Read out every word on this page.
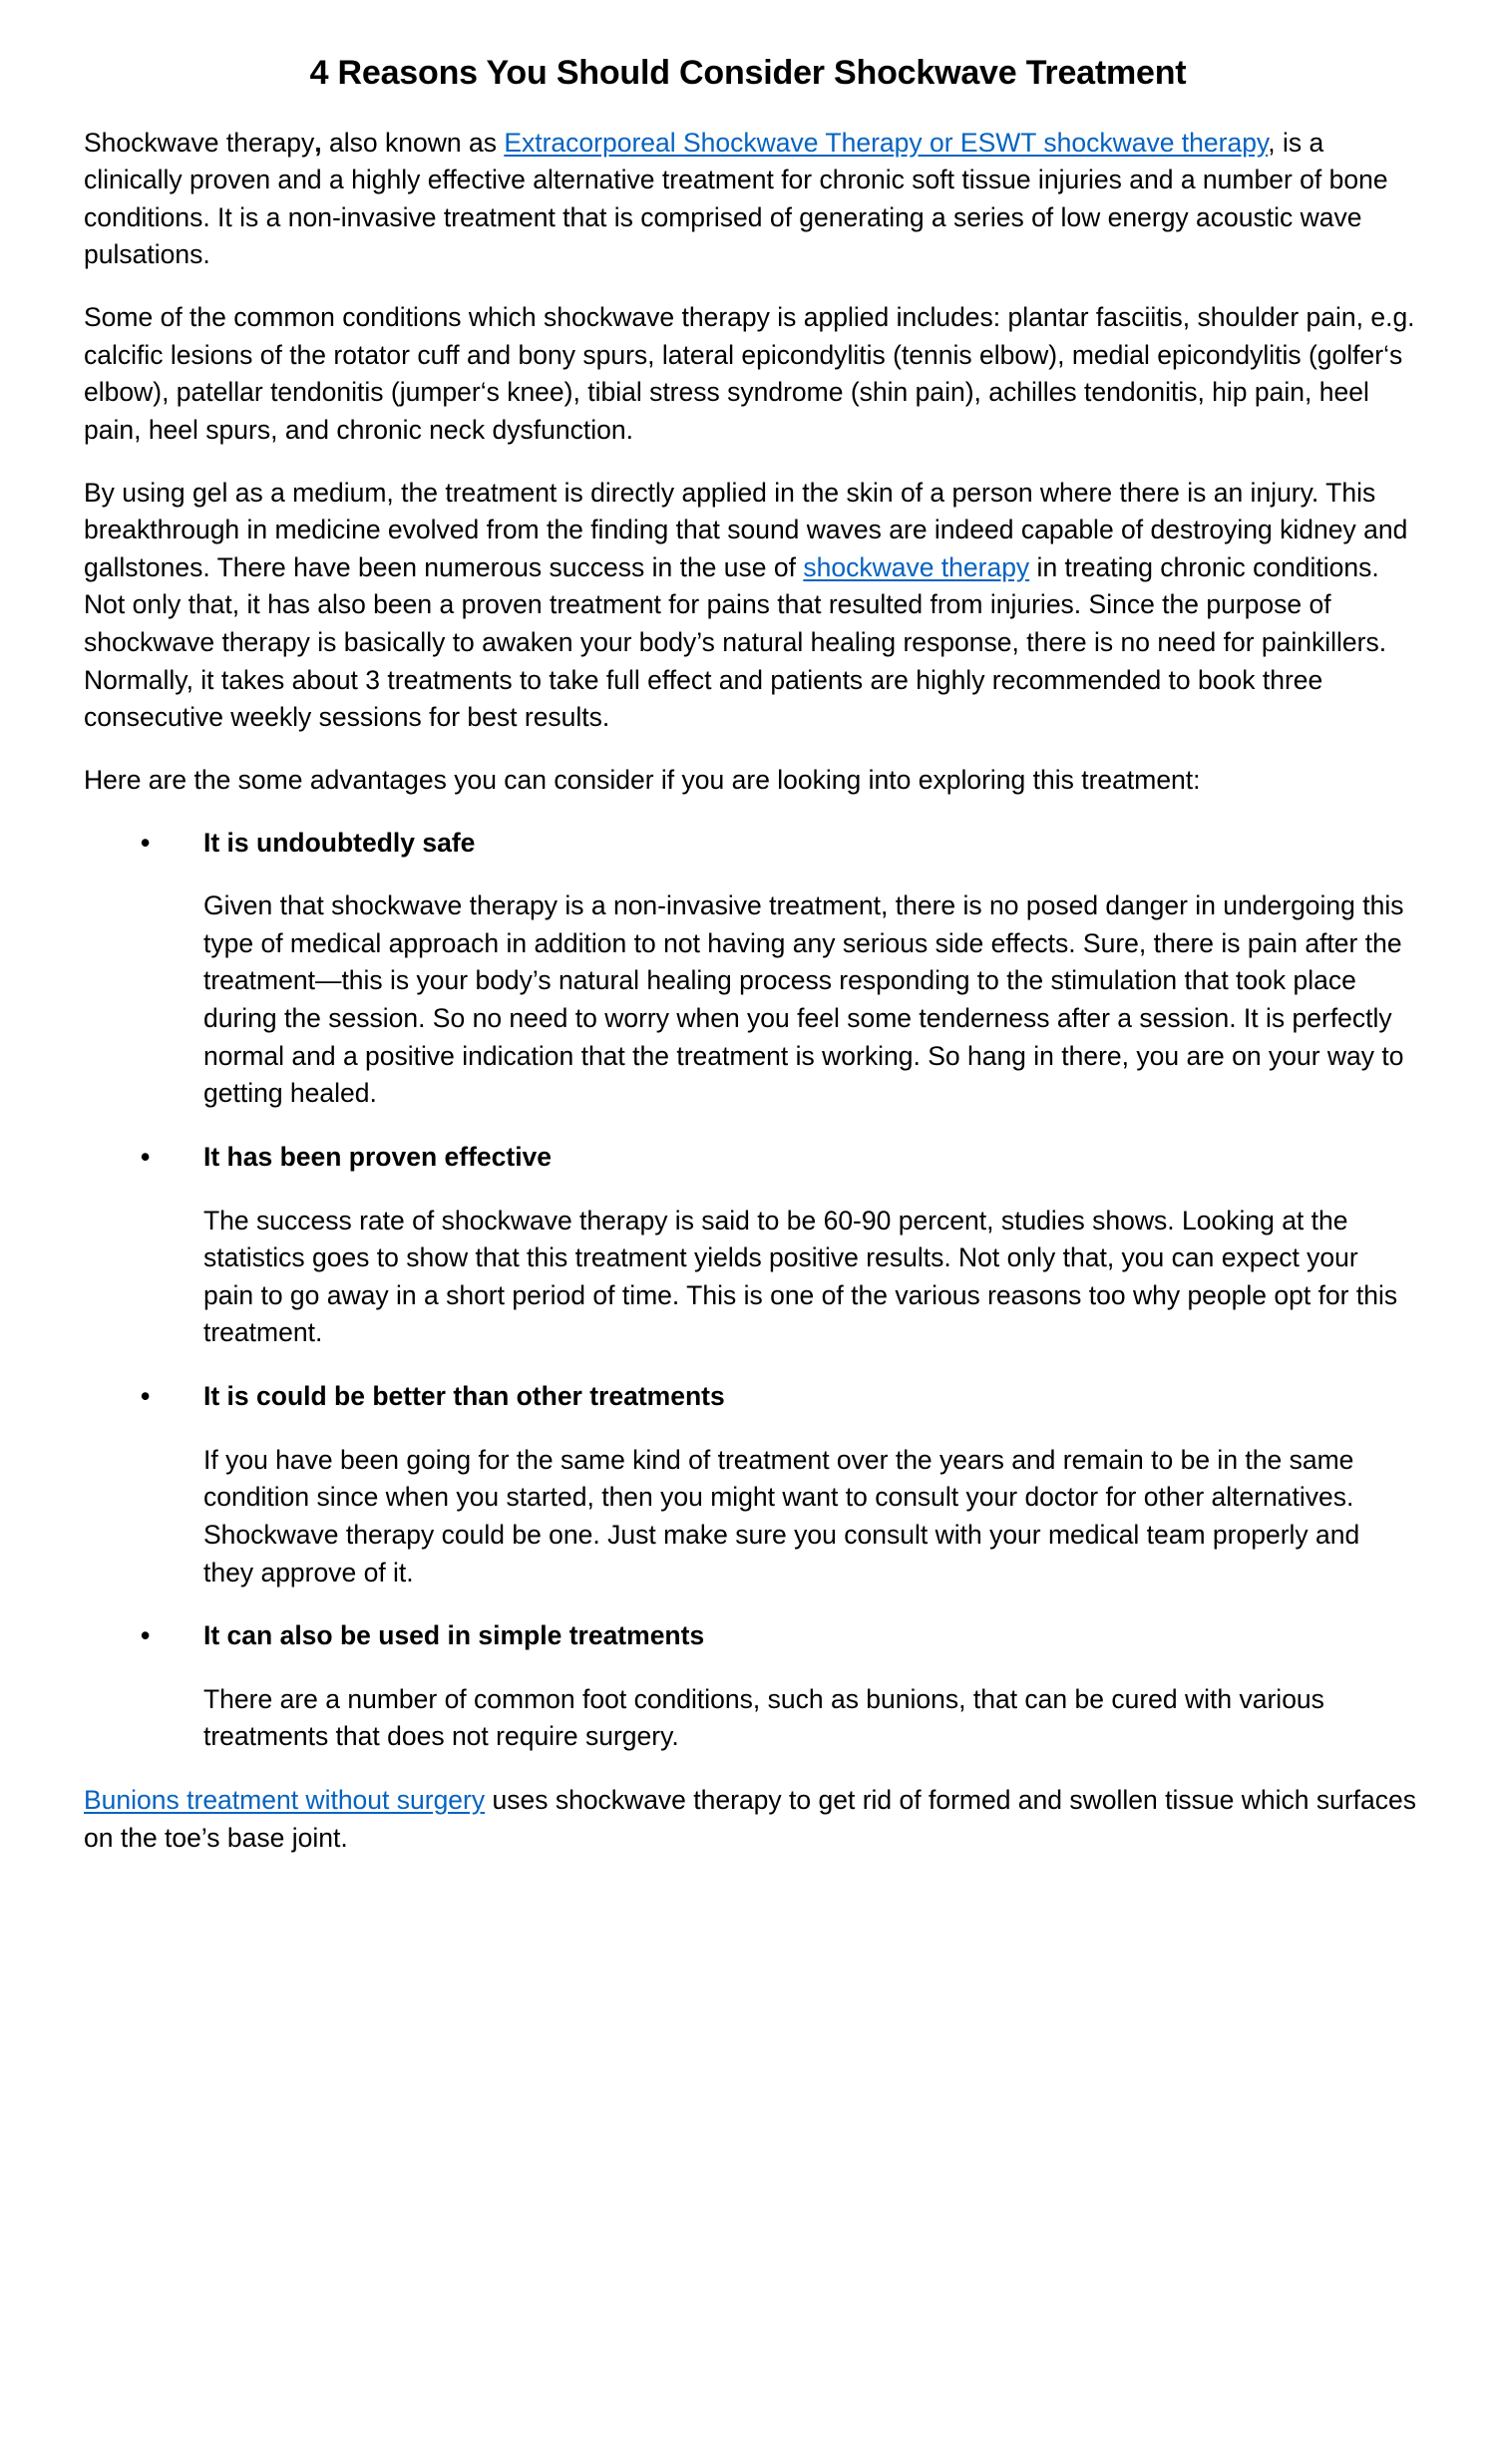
4 Reasons You Should Consider Shockwave Treatment

Shockwave therapy, also known as Extracorporeal Shockwave Therapy or ESWT shockwave therapy, is a clinically proven and a highly effective alternative treatment for chronic soft tissue injuries and a number of bone conditions. It is a non-invasive treatment that is comprised of generating a series of low energy acoustic wave pulsations.

Some of the common conditions which shockwave therapy is applied includes: plantar fasciitis, shoulder pain, e.g. calcific lesions of the rotator cuff and bony spurs, lateral epicondylitis (tennis elbow), medial epicondylitis (golfer‘s elbow), patellar tendonitis (jumper‘s knee), tibial stress syndrome (shin pain), achilles tendonitis, hip pain, heel pain, heel spurs, and chronic neck dysfunction.

By using gel as a medium, the treatment is directly applied in the skin of a person where there is an injury. This breakthrough in medicine evolved from the finding that sound waves are indeed capable of destroying kidney and gallstones. There have been numerous success in the use of shockwave therapy in treating chronic conditions. Not only that, it has also been a proven treatment for pains that resulted from injuries. Since the purpose of shockwave therapy is basically to awaken your body’s natural healing response, there is no need for painkillers. Normally, it takes about 3 treatments to take full effect and patients are highly recommended to book three consecutive weekly sessions for best results.

Here are the some advantages you can consider if you are looking into exploring this treatment:

• It is undoubtedly safe
Given that shockwave therapy is a non-invasive treatment, there is no posed danger in undergoing this type of medical approach in addition to not having any serious side effects. Sure, there is pain after the treatment—this is your body’s natural healing process responding to the stimulation that took place during the session. So no need to worry when you feel some tenderness after a session. It is perfectly normal and a positive indication that the treatment is working. So hang in there, you are on your way to getting healed.
• It has been proven effective
The success rate of shockwave therapy is said to be 60-90 percent, studies shows. Looking at the statistics goes to show that this treatment yields positive results. Not only that, you can expect your pain to go away in a short period of time. This is one of the various reasons too why people opt for this treatment.
• It is could be better than other treatments
If you have been going for the same kind of treatment over the years and remain to be in the same condition since when you started, then you might want to consult your doctor for other alternatives. Shockwave therapy could be one. Just make sure you consult with your medical team properly and they approve of it.
• It can also be used in simple treatments
There are a number of common foot conditions, such as bunions, that can be cured with various treatments that does not require surgery.

Bunions treatment without surgery uses shockwave therapy to get rid of formed and swollen tissue which surfaces on the toe’s base joint.
